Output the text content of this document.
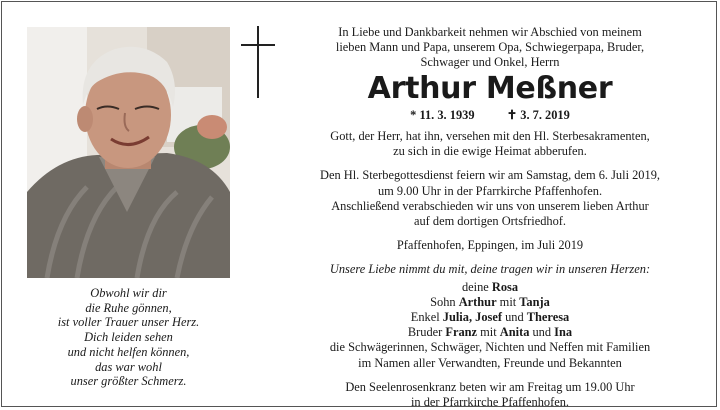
Obwohl wir dir
die Ruhe gönnen,
ist voller Trauer unser Herz.
Dich leiden sehen
und nicht helfen können,
das war wohl
unser größter Schmerz.
In Liebe und Dankbarkeit nehmen wir Abschied von meinem
lieben Mann und Papa, unserem Opa, Schwiegerpapa, Bruder,
Schwager und Onkel, Herrn
Arthur Meßner
* 11. 3. 1939	✝ 3. 7. 2019
Gott, der Herr, hat ihn, versehen mit den Hl. Sterbesakramenten,
zu sich in die ewige Heimat abberufen.
Den Hl. Sterbegottesdienst feiern wir am Samstag, dem 6. Juli 2019,
um 9.00 Uhr in der Pfarrkirche Pfaffenhofen.
Anschließend verabschieden wir uns von unserem lieben Arthur
auf dem dortigen Ortsfriedhof.
Pfaffenhofen, Eppingen, im Juli 2019
Unsere Liebe nimmt du mit, deine tragen wir in unseren Herzen:
deine Rosa
Sohn Arthur mit Tanja
Enkel Julia, Josef und Theresa
Bruder Franz mit Anita und Ina
die Schwägerinnen, Schwäger, Nichten und Neffen mit Familien
im Namen aller Verwandten, Freunde und Bekannten
Den Seelenrosenkranz beten wir am Freitag um 19.00 Uhr
in der Pfarrkirche Pfaffenhofen.
